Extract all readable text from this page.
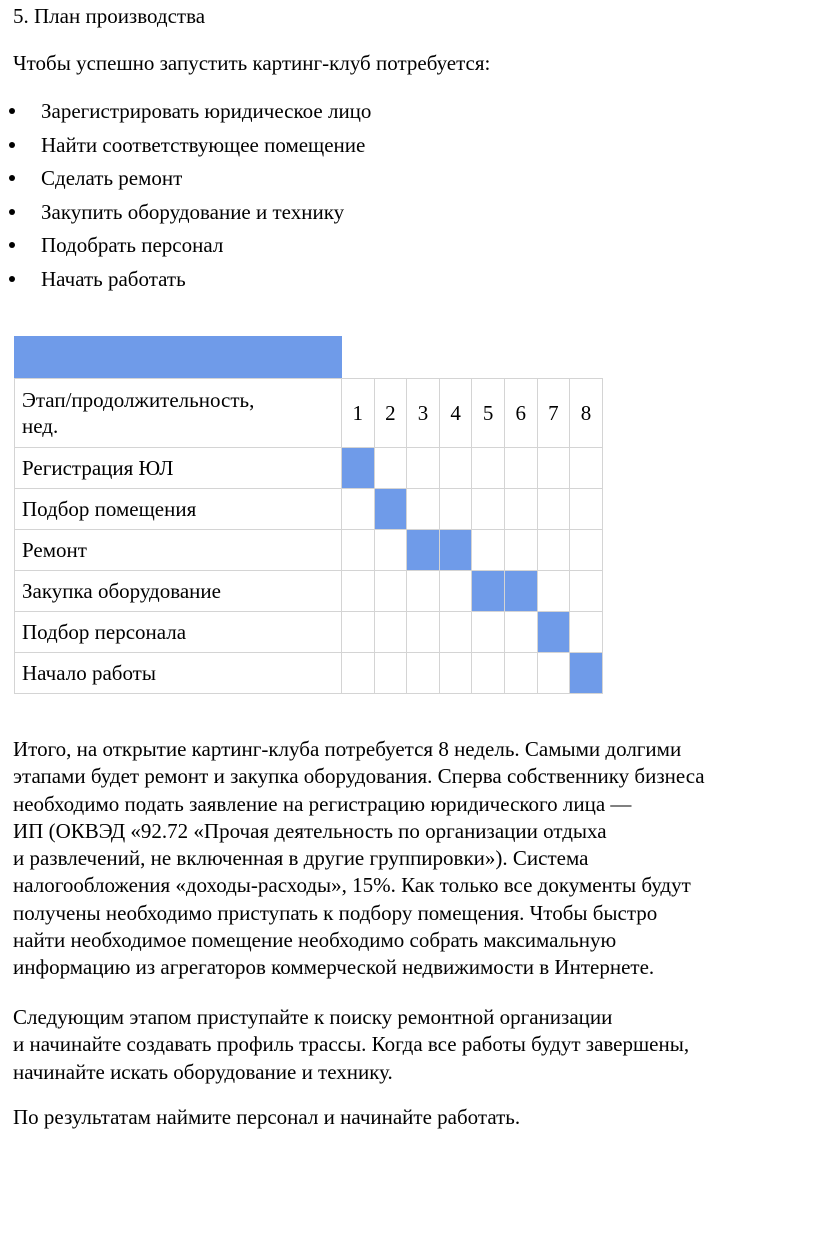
5. План производства
Чтобы успешно запустить картинг-клуб потребуется:
Зарегистрировать юридическое лицо
Найти соответствующее помещение
Сделать ремонт
Закупить оборудование и технику
Подобрать персонал
Начать работать
Этап/продолжительность,
нед.	1	2	3	4	5	6	7	8
Регистрация ЮЛ								
Подбор помещения								
Ремонт								
Закупка оборудование								
Подбор персонала								
Начало работы								
Итого, на открытие картинг-клуба потребуется 8 недель. Самыми долгими
этапами будет ремонт и закупка оборудования. Сперва собственнику бизнеса
необходимо подать заявление на регистрацию юридического лица —
ИП (ОКВЭД «92.72 «Прочая деятельность по организации отдыха
и развлечений, не включенная в другие группировки»). Система
налогообложения «доходы-расходы», 15%. Как только все документы будут
получены необходимо приступать к подбору помещения. Чтобы быстро
найти необходимое помещение необходимо собрать максимальную
информацию из агрегаторов коммерческой недвижимости в Интернете.
Следующим этапом приступайте к поиску ремонтной организации
и начинайте создавать профиль трассы. Когда все работы будут завершены,
начинайте искать оборудование и технику.
По результатам наймите персонал и начинайте работать.
